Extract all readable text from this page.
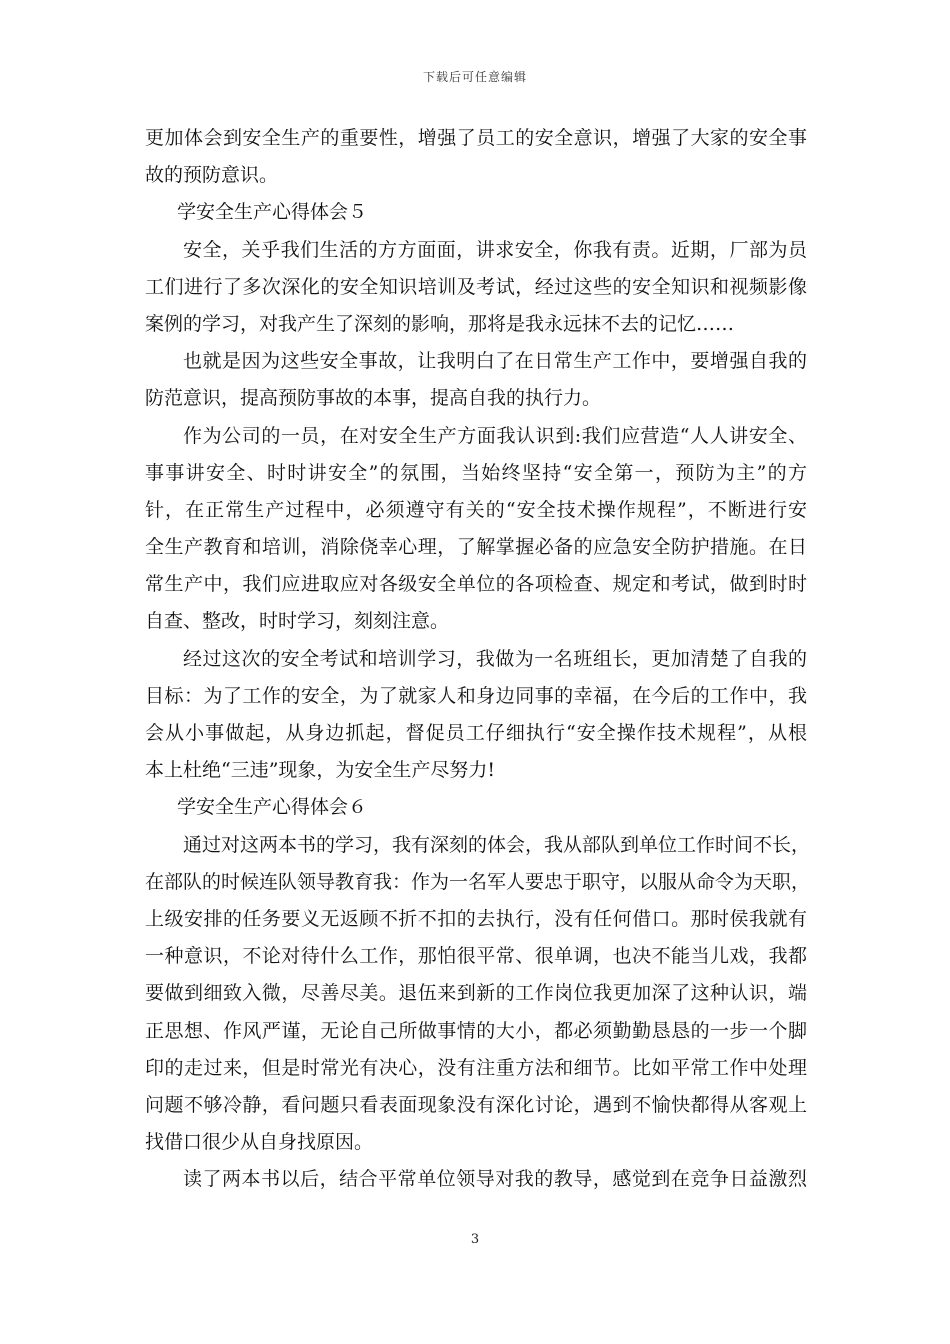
下载后可任意编辑
更加体会到安全生产的重要性，增强了员工的安全意识，增强了大家的安全事
故的预防意识。
学安全生产心得体会５
安全，关乎我们生活的方方面面，讲求安全，你我有责。近期，厂部为员
工们进行了多次深化的安全知识培训及考试，经过这些的安全知识和视频影像
案例的学习，对我产生了深刻的影响，那将是我永远抹不去的记忆……
也就是因为这些安全事故，让我明白了在日常生产工作中，要增强自我的
防范意识，提高预防事故的本事，提高自我的执行力。
作为公司的一员，在对安全生产方面我认识到:我们应营造“人人讲安全、
事事讲安全、时时讲安全”的氛围，当始终坚持“安全第一，预防为主”的方
针，在正常生产过程中，必须遵守有关的“安全技术操作规程”，不断进行安
全生产教育和培训，消除侥幸心理，了解掌握必备的应急安全防护措施。在日
常生产中，我们应进取应对各级安全单位的各项检查、规定和考试，做到时时
自查、整改，时时学习，刻刻注意。
经过这次的安全考试和培训学习，我做为一名班组长，更加清楚了自我的
目标：为了工作的安全，为了就家人和身边同事的幸福，在今后的工作中，我
会从小事做起，从身边抓起，督促员工仔细执行“安全操作技术规程”，从根
本上杜绝“三违”现象，为安全生产尽努力!
学安全生产心得体会６
通过对这两本书的学习，我有深刻的体会，我从部队到单位工作时间不长，
在部队的时候连队领导教育我：作为一名军人要忠于职守，以服从命令为天职，
上级安排的任务要义无返顾不折不扣的去执行，没有任何借口。那时侯我就有
一种意识，不论对待什么工作，那怕很平常、很单调，也决不能当儿戏，我都
要做到细致入微，尽善尽美。退伍来到新的工作岗位我更加深了这种认识，端
正思想、作风严谨，无论自己所做事情的大小，都必须勤勤恳恳的一步一个脚
印的走过来，但是时常光有决心，没有注重方法和细节。比如平常工作中处理
问题不够冷静，看问题只看表面现象没有深化讨论，遇到不愉快都得从客观上
找借口很少从自身找原因。
读了两本书以后，结合平常单位领导对我的教导，感觉到在竞争日益激烈
3
